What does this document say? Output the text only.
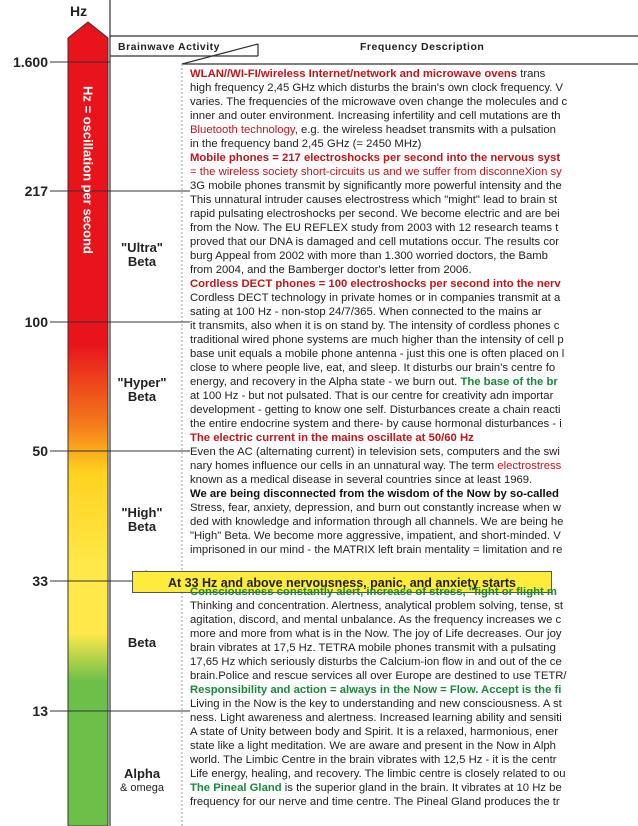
Hz
Brainwave Activity	Frequency Description
Hz = oscillation per second
1.600
217
100
50
33
13
"Ultra"
Beta
"Hyper"
Beta
"High"
Beta
Beta
Alpha
& omega
At 33 Hz and above nervousness, panic, and anxiety starts
WLAN//WI-FI/wireless Internet/network and microwave ovens trans
high frequency 2,45 GHz which disturbs the brain's own clock frequency. V
varies. The frequencies of the microwave oven change the molecules and c
inner and outer environment. Increasing infertility and cell mutations are th
Bluetooth technology, e.g. the wireless headset transmits with a pulsation
in the frequency band 2,45 GHz (= 2450 MHz)
Mobile phones = 217 electroshocks per second into the nervous syst
= the wireless society short-circuits us and we suffer from disconneXion sy
3G mobile phones transmit by significantly more powerful intensity and the
This unnatural intruder causes electrostress which "might" lead to brain st
rapid pulsating electroshocks per second. We become electric and are bei
from the Now. The EU REFLEX study from 2003 with 12 research teams t
proved that our DNA is damaged and cell mutations occur. The results cor
burg Appeal from 2002 with more than 1.300 worried doctors, the Bamb
from 2004, and the Bamberger doctor's letter from 2006.
Cordless DECT phones = 100 electroshocks per second into the nerv
Cordless DECT technology in private homes or in companies transmit at a
sating at 100 Hz - non-stop 24/7/365. When connected to the mains ar
it transmits, also when it is on stand by. The intensity of cordless phones c
traditional wired phone systems are much higher than the intensity of cell p
base unit equals a mobile phone antenna - just this one is often placed on l
close to where people live, eat, and sleep. It disturbs our brain's centre fo
energy, and recovery in the Alpha state - we burn out. The base of the br
at 100 Hz - but not pulsated. That is our centre for creativity adn importar
development - getting to know one self. Disturbances create a chain reacti
the entire endocrine system and there- by cause hormonal disturbances - i
The electric current in the mains oscillate at 50/60 Hz
Even the AC (alternating current) in television sets, computers and the swi
nary homes influence our cells in an unnatural way. The term electrostress
known as a medical disease in several countries since at least 1969.
We are being disconnected from the wisdom of the Now by so-called
Stress, fear, anxiety, depression, and burn out constantly increase when w
ded with knowledge and information through all channels. We are being he
"High" Beta. We become more aggressive, impatient, and short-minded. V
imprisoned in our mind - the MATRIX left brain mentality = limitation and re
Consciousness constantly alert, increase of stress, "fight or flight m
Thinking and concentration. Alertness, analytical problem solving, tense, st
agitation, discord, and mental unbalance. As the frequency increases we c
more and more from what is in the Now. The joy of Life decreases. Our joy
brain vibrates at 17,5 Hz. TETRA mobile phones transmit with a pulsating
17,65 Hz which seriously disturbs the Calcium-ion flow in and out of the ce
brain.Police and rescue services all over Europe are destined to use TETR/
Responsibility and action = always in the Now = Flow. Accept is the fi
Living in the Now is the key to understanding and new consciousness. A st
ness. Light awareness and alertness. Increased learning ability and sensiti
A state of Unity between body and Spirit. It is a relaxed, harmonious, ener
state like a light meditation. We are aware and present in the Now in Alph
world. The Limbic Centre in the brain vibrates with 12,5 Hz - it is the centr
Life energy, healing, and recovery. The limbic centre is closely related to ou
The Pineal Gland is the superior gland in the brain. It vibrates at 10 Hz be
frequency for our nerve and time centre. The Pineal Gland produces the tr
